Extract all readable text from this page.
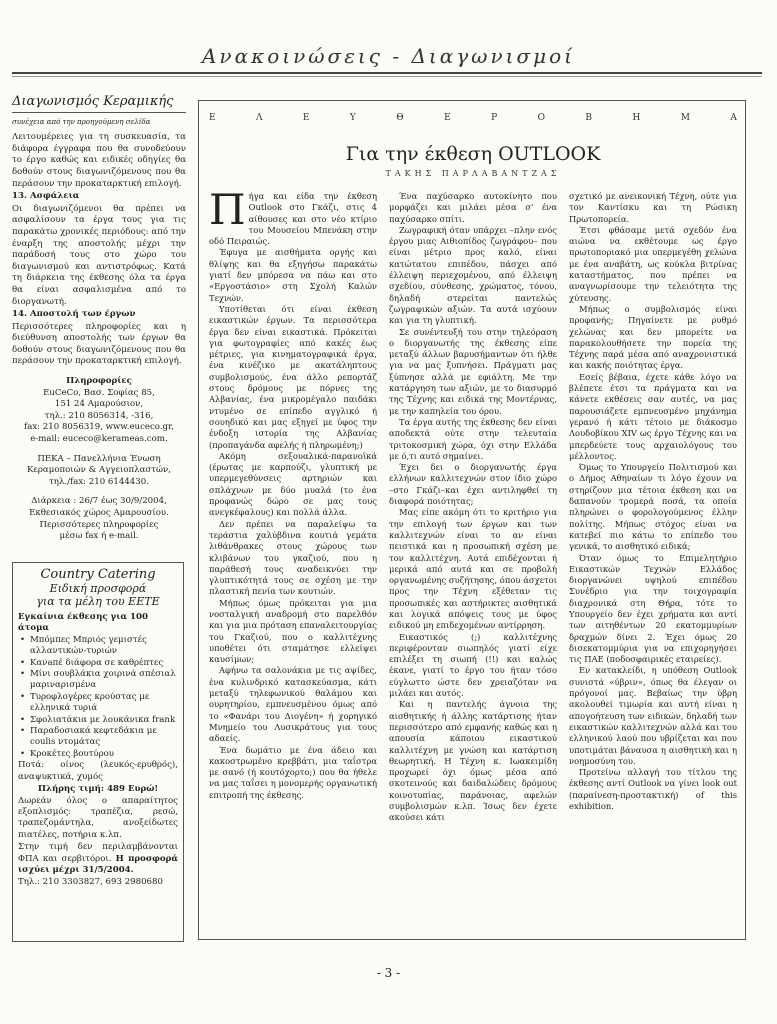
Ανακοινώσεις - Διαγωνισμοί
Διαγωνισμός Κεραμικής
συνέχεια από την προηγούμενη σελίδα

Λειτουμέρειες για τη συσκευασία, τα διάφορα έγγραφα που θα συνοδεύουν το έργο καθώς και ειδικές οδηγίες θα δοθούν στους διαγωνιζόμενους που θα περάσουν την προκαταρκτική επιλογή.

13. Ασφάλεια

Οι διαγωνιζόμενοι θα πρέπει να ασφαλίσουν τα έργα τους για τις παρακάτω χρονικές περιόδους: από την έναρξη της αποστολής μέχρι την παράδοσή τους στο χώρο του διαγωνισμού και αντιστρόφως. Κατά τη διάρκεια της έκθεσης όλα τα έργα θα είναι ασφαλισμένα από το διοργανωτή.

14. Αποστολή των έργων

Περισσότερες πληροφορίες και η διεύθυνση αποστολής των έργων θα δοθούν στους διαγωνιζόμενους που θα περάσουν την προκαταρκτική επιλογή.

Πληροφορίες
EuCeCo, Βασ. Σοφίας 85,
151 24 Αμαρούσιον,
τηλ.: 210 8056314, -316,
fax: 210 8056319, www.euceco.gr,
e-mail: euceco@kerameas.com.
ΠΕΚΑ – Πανελλήνια Ένωση
Κεραμοποιών & Αγγειοπλαστών,
τηλ./fax: 210 6144430.
Διάρκεια : 26/7 έως 30/9/2004,
Εκθεσιακός χώρος Αμαρουσίου.
Περισσότερες πληροφορίες
μέσω fax ή e-mail.
Country Catering
Ειδική προσφορά
για τα μέλη του ΕΕΤΕ
Εγκαίνια έκθεσης για 100 άτομα
• Μπόμπες Μπριός γεμιστές αλλαντικών-τυριών
• Κανапέ διάφορα σε καθρέπτες
• Μίνι σουβλάκια χοιρινά σπέσιαλ μαριναρισμένα
• Τυροφλογέρες κρούστας με ελληνικά τυριά
• Σφολιατάκια με λουκάνικα frank
• Παραδοσιακά κεφτεδάκια με coulis ντομάτας
• Κροκέτες βουτύρου
Ποτά: οίνος (λευκός-ερυθρός), αναψυκτικά, χυμός
Πλήρης τιμή: 489 Ευρώ!
Δωρεάν όλος ο απαραίτητος εξοπλισμός: τραπέζια, ρεσώ, τραπεζομάντηλα, ανοξείδωτες πιατέλες, ποτήρια κ.λπ.
Στην τιμή δεν περιλαμβάνονται ΦΠΑ και σερβιτόροι. Η προσφορά ισχύει μέχρι 31/5/2004.
Τηλ.: 210 3303827, 693 2980680
Ε	Λ	Ε	Υ	Θ	Ε	Ρ	Ο	Β	Η	Μ	Α
Για την έκθεση OUTLOOK
ΤΑΚΗΣ ΠΑΡΛΑΒΑΝΤΖΑΣ

Πήγα και είδα την έκθεση Outlook στο Γκάζι, στις 4 αίθουσες και στο νέο κτίριο του Μουσείου Μπενάκη στην οδό Πειραιώς.

Έφυγα με αισθήματα οργής και θλίψης και θα εξηγήσω παρακάτω γιατί δεν μπόρεσα να πάω και στο «Εργοστάσιο» στη Σχολή Καλών Τεχνών.

Υποτίθεται ότι είναι έκθεση εικαστικών έργων. Τα περισσότερα έργα δεν είναι εικαστικά. Πρόκειται για φωτογραφίες από κακές έως μέτριες, για κινηματογραφικά έργα, ένα κινέζικο με ακατάληπτους συμβολισμούς, ένα άλλο ρεπορτάζ στους δρόμους με πόρνες της Αλβανίας, ένα μικρομέγαλο παιδάκι ντυμένο σε επίπεδο αγγλικό ή σουηδικό και μας εξηγεί με ύφος την ένδοξη ιστορία της Αλβανίας (προπαγάνδα αφελής ή πληρωμένη;)

Ακόμη σεξουαλικά-παρανοϊκά (έρωτας με καρπούζι, γλυπτική με υπερμεγεθύνσεις αρτηριών και σπλάχνων με δύο μυαλά (το ένα προφανώς δώρο σε μας τους ανεγκέφαλους) και πολλά άλλα.

Δεν πρέπει να παραλείψω τα τεράστια χαλύβδινα κουτιά γεμάτα λιθάνθρακες στους χώρους των κλιβάνων του γκαζιού, που η παράθεσή τους αναδεικνύει την γλυπτικότητά τους σε σχέση με την πλαστική πενία των κουτιών.

Μήπως όμως πρόκειται για μια νοσταλγική αναδρομή στο παρελθόν και για μια πρόταση επαναλειτουργίας του Γκαζιού, που ο καλλιτέχνης υποθέτει ότι σταμάτησε ελλείψει καυσίμων;

Αφήνω τα σαλονάκια με τις αψίδες, ένα κυλινδρικό κατασκεύασμα, κάτι μεταξύ τηλεφωνικού θαλάμου και ουρητηρίου, εμπνευσμένου όμως από το «Φανάρι του Διογένη» ή χορηγικό Μνημείο του Λυσικράτους για τους αδαείς.

Ένα δωμάτιο με ένα άδειο και κακοστρωμένο κρεββάτι, μια ταΐστρα με σανό (ή κουτόχορτο;) που θα ήθελε να μας ταΐσει η μονομερής οργανωτική επιτροπή της έκθεσης.

Ένα παχύσαρκο αυτοκίνητο που μορφάζει και μιλάει μέσα σ' ένα παχύσαρκο σπίτι.

Ζωγραφική όταν υπάρχει –πλην ενός έργου μιας Αιθιοπίδος ζωγράφου– που είναι μέτριο προς καλό, είναι κατώτατου επιπέδου, πάσχει από έλλειψη περιεχομένου, από έλλειψη σχεδίου, σύνθεσης, χρώματος, τόνου, δηλαδή στερείται παντελώς ζωγραφικών αξιών. Τα αυτά ισχύουν και για τη γλυπτική.

Σε συνέντευξή του στην τηλεόραση ο διοργανωτής της έκθεσης είπε μεταξύ άλλων βαρυσήμαντων ότι ήλθε για να μας ξυπνήσει. Πράγματι μας ξύπνησε αλλά με εφιάλτη. Με την κατάργηση των αξιών, με το διασυρμό της Τέχνης και ειδικά της Μοντέρνας, με την καπηλεία του όρου.

Τα έργα αυτής της έκθεσης δεν είναι αποδεκτά ούτε στην τελευταία τριτοκοσμική χώρα, όχι στην Ελλάδα με ό,τι αυτό σημαίνει.

Έχει δει ο διοργανωτής έργα ελλήνων καλλιτεχνών στον ίδιο χώρο –στο Γκάζι–και έχει αντιληφθεί τη διαφορά ποιότητας;

Μας είπε ακόμη ότι το κριτήριο για την επιλογή των έργων και των καλλιτεχνών είναι το αν είναι πειστικά και η προσωπική σχέση με τον καλλιτέχνη. Αυτά επιδέχονται ή μερικά από αυτά και σε προβολή οργανωμένης συζήτησης, όπου άσχετοι προς την Τέχνη εξέθεταν τις προσωπικές και αστήρικτες αισθητικά και λογικά απόψεις τους με ύφος ειδικού μη επιδεχομένων αντίρρηση.

Εικαστικός (;) καλλιτέχνης περιφέρονταν σιωπηλός γιατί είχε επιλέξει τη σιωπή (!!) και καλώς έκανε, γιατί το έργο του ήταν τόσο εύγλωττο ώστε δεν χρειαζόταν να μιλάει και αυτός.

Και η παντελής άγνοια της αισθητικής ή άλλης κατάρτισης ήταν περισσότερο από εμφανής καθώς και η απουσία κάποιου εικαστικού καλλιτέχνη με γνώση και κατάρτιση θεωρητική. Η Τέχνη κ. Ιωακειμίδη προχωρεί όχι όμως μέσα από σκοτεινούς και δαιδαλώδεις δρόμους κοινοτυπίας, παράνοιας, αφελών συμβολισμών κ.λπ. Ίσως δεν έχετε ακούσει κάτι

σχετικό με ανεικονική Τέχνη, ούτε για τον Καντίσκυ και τη Ρώσικη Πρωτοπορεία.

Έτσι φθάσαμε μετά σχεδόν ένα αιώνα να εκθέτουμε ως έργο πρωτοποριακό μια υπερμεγέθη χελώνα με ένα αναβάτη, ως κούκλα βιτρίνας καταστήματος, που πρέπει να αναγνωρίσουμε την τελειότητα της χύτευσης.

Μήπως ο συμβολισμός είναι προφανής; Πηγαίνετε με ρυθμό χελώνας και δεν μπορείτε να παρακολουθήσετε την πορεία της Τέχνης παρά μέσα από αναχρονιστικά και κακής ποιότητας έργα.

Εσείς βέβαια, έχετε κάθε λόγο να βλέπετε έτσι τα πράγματα και να κάνετε εκθέσεις σαν αυτές, να μας παρουσιάζετε εμπνευσμένο μηχάνημα γερανό ή κάτι τέτοιο με διάκοσμο Λουδοβίκου XIV ως έργο Τέχνης και να μπερδεύετε τους αρχαιολόγους του μέλλοντος.

Όμως το Υπουργείο Πολιτισμού και ο Δήμος Αθηναίων τι λόγο έχουν να στηρίζουν μια τέτοια έκθεση και να δαπανούν τρομερά ποσά, τα οποία πληρώνει ο φορολογούμενος έλλην πολίτης. Μήπως στόχος είναι να κατεβεί πιο κάτω το επίπεδο του γενικά, το αισθητικό ειδικά;

Όταν όμως το Επιμελητήριο Εικαστικών Τεχνών Ελλάδος διοργανώνει υψηλού επιπέδου Συνέδριο για την τοιχογραφία διαχρονικά στη Θήρα, τότε το Υπουργείο δεν έχει χρήματα και αντί των αιτηθέντων 20 εκατομμυρίων δραχμών δίνει 2. Έχει όμως 20 δισεκατομμύρια για να επιχορηγήσει τις ΠΑΕ (ποδοσφαιρικές εταιρείες).

Εν κατακλείδι, η υπόθεση Outlook συνιστά «ύβριν», όπως θα έλεγαν οι πρόγονοί μας. Βεβαίως την ύβρη ακολουθεί τιμωρία και αυτή είναι η απογοήτευση των ειδικών, δηλαδή των εικαστικών καλλιτεχνών αλλά και του ελληνικού λαού που υβρίζεται και που υποτιμάται βάναυσα η αισθητική και η νοημοσύνη του.

Προτείνω αλλαγή του τίτλου της έκθεσης αντί Outlook να γίνει look out (παραίνεση-προστακτική) of this exhibition.

- 3 -
